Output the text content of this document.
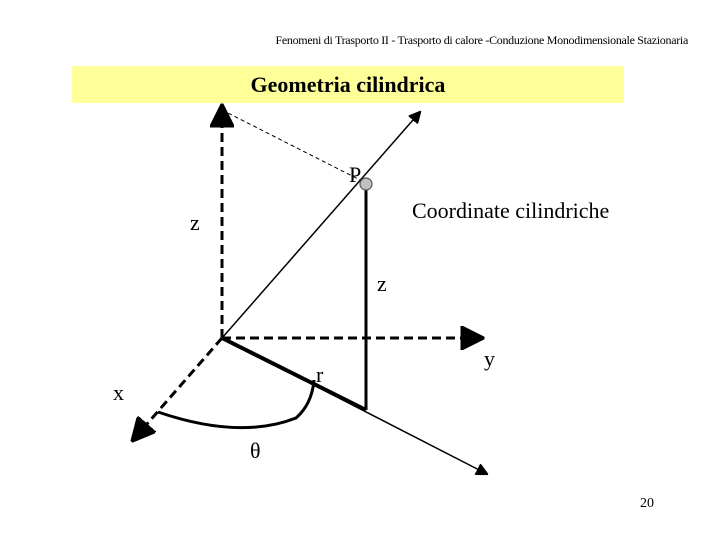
Fenomeni di Trasporto II - Trasporto di calore -Conduzione Monodimensionale Stazionaria
Geometria cilindrica
P
Coordinate cilindriche
z
z
y
r
x
θ
20
